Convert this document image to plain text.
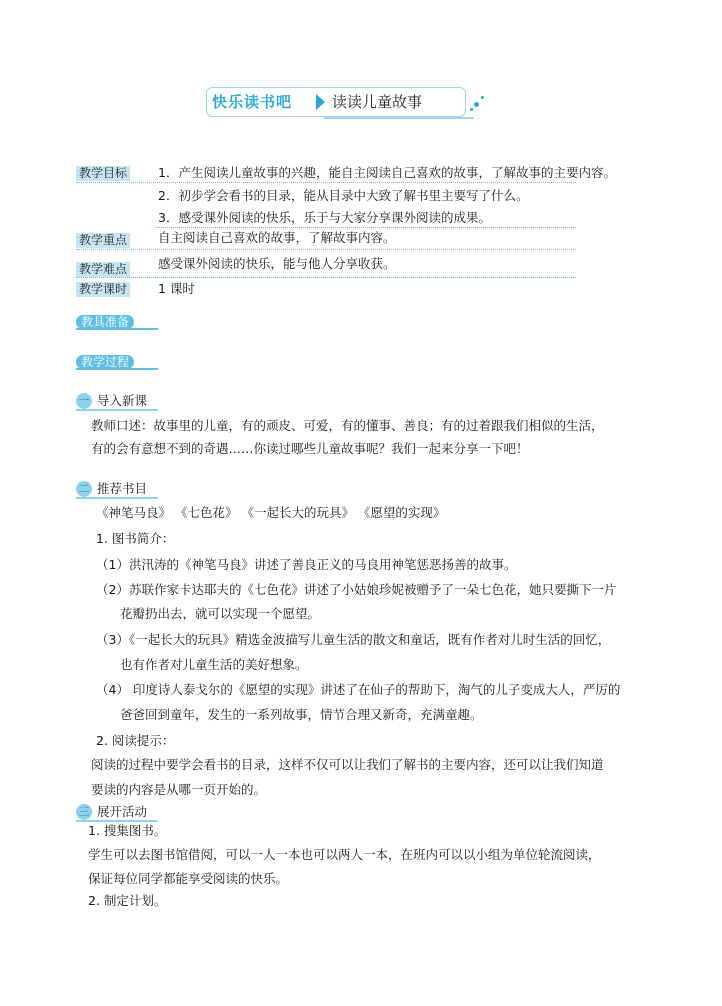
快乐读书吧	读读儿童故事
教学目标 1．产生阅读儿童故事的兴趣，能自主阅读自己喜欢的故事，了解故事的主要内容。
2．初步学会看书的目录，能从目录中大致了解书里主要写了什么。
3．感受课外阅读的快乐，乐于与大家分享课外阅读的成果。
教学重点 自主阅读自己喜欢的故事，了解故事内容。
教学难点 感受课外阅读的快乐，能与他人分享收获。
教学课时 1 课时
教具准备
教学过程
一 导入新课
教师口述：故事里的儿童，有的顽皮、可爱，有的懂事、善良；有的过着跟我们相似的生活，
有的会有意想不到的奇遇……你读过哪些儿童故事呢？我们一起来分享一下吧！
二 推荐书目
《神笔马良》 《七色花》 《一起长大的玩具》 《愿望的实现》
1. 图书简介：
（1）洪汛涛的《神笔马良》讲述了善良正义的马良用神笔惩恶扬善的故事。
（2）苏联作家卡达耶夫的《七色花》讲述了小姑娘珍妮被赠予了一朵七色花，她只要撕下一片
花瓣扔出去，就可以实现一个愿望。
（3）《一起长大的玩具》精选金波描写儿童生活的散文和童话，既有作者对儿时生活的回忆，
也有作者对儿童生活的美好想象。
（4） 印度诗人泰戈尔的《愿望的实现》讲述了在仙子的帮助下，淘气的儿子变成大人，严厉的
爸爸回到童年，发生的一系列故事，情节合理又新奇，充满童趣。
2. 阅读提示：
阅读的过程中要学会看书的目录，这样不仅可以让我们了解书的主要内容，还可以让我们知道
要读的内容是从哪一页开始的。
三 展开活动
1. 搜集图书。
学生可以去图书馆借阅，可以一人一本也可以两人一本，在班内可以以小组为单位轮流阅读，
保证每位同学都能享受阅读的快乐。
2. 制定计划。
